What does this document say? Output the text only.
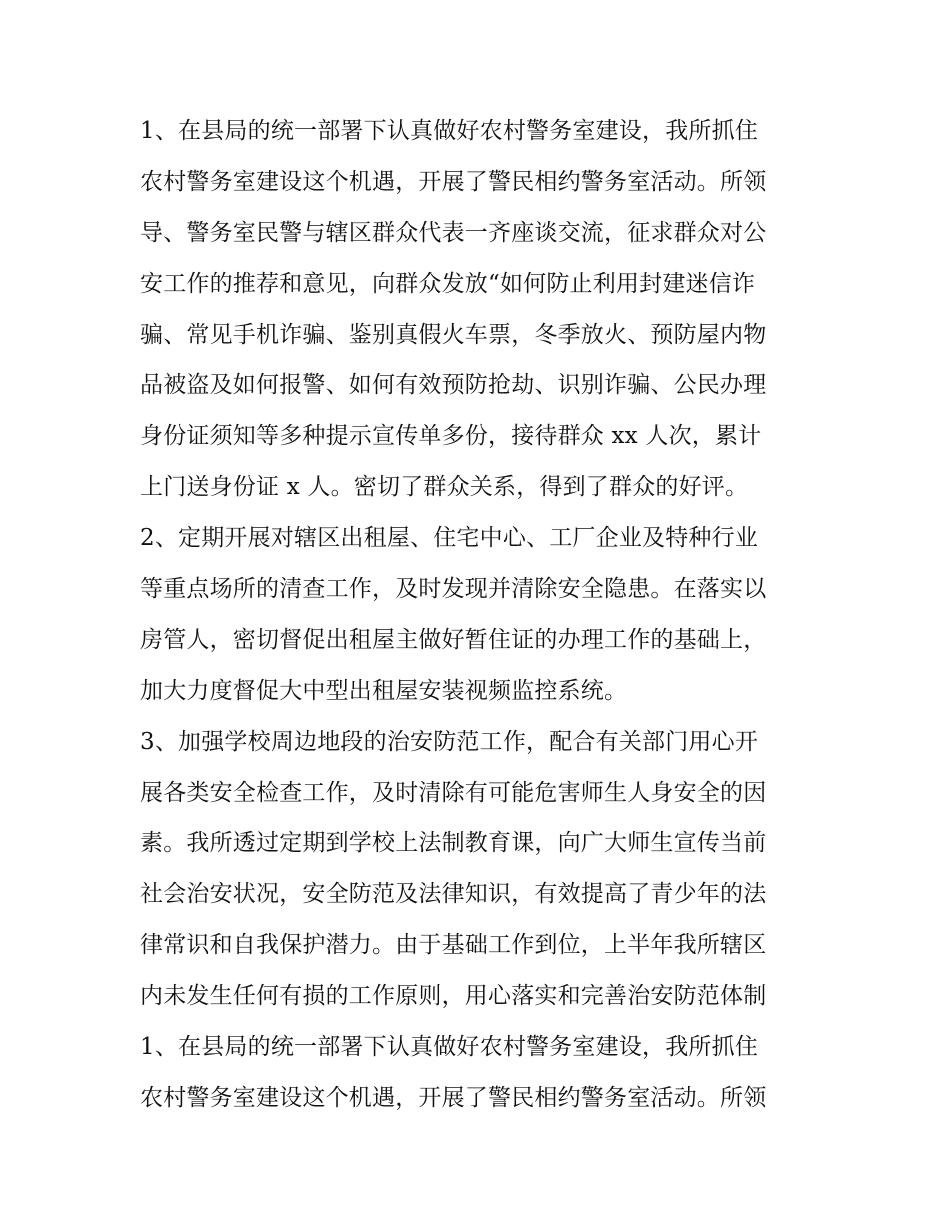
1、在县局的统一部署下认真做好农村警务室建设，我所抓住
农村警务室建设这个机遇，开展了警民相约警务室活动。所领
导、警务室民警与辖区群众代表一齐座谈交流，征求群众对公
安工作的推荐和意见，向群众发放“如何防止利用封建迷信诈
骗、常见手机诈骗、鉴别真假火车票，冬季放火、预防屋内物
品被盗及如何报警、如何有效预防抢劫、识别诈骗、公民办理
身份证须知等多种提示宣传单多份，接待群众 xx 人次，累计
上门送身份证 x 人。密切了群众关系，得到了群众的好评。
2、定期开展对辖区出租屋、住宅中心、工厂企业及特种行业
等重点场所的清查工作，及时发现并清除安全隐患。在落实以
房管人，密切督促出租屋主做好暂住证的办理工作的基础上，
加大力度督促大中型出租屋安装视频监控系统。
3、加强学校周边地段的治安防范工作，配合有关部门用心开
展各类安全检查工作，及时清除有可能危害师生人身安全的因
素。我所透过定期到学校上法制教育课，向广大师生宣传当前
社会治安状况，安全防范及法律知识，有效提高了青少年的法
律常识和自我保护潜力。由于基础工作到位，上半年我所辖区
内未发生任何有损的工作原则，用心落实和完善治安防范体制
1、在县局的统一部署下认真做好农村警务室建设，我所抓住
农村警务室建设这个机遇，开展了警民相约警务室活动。所领
